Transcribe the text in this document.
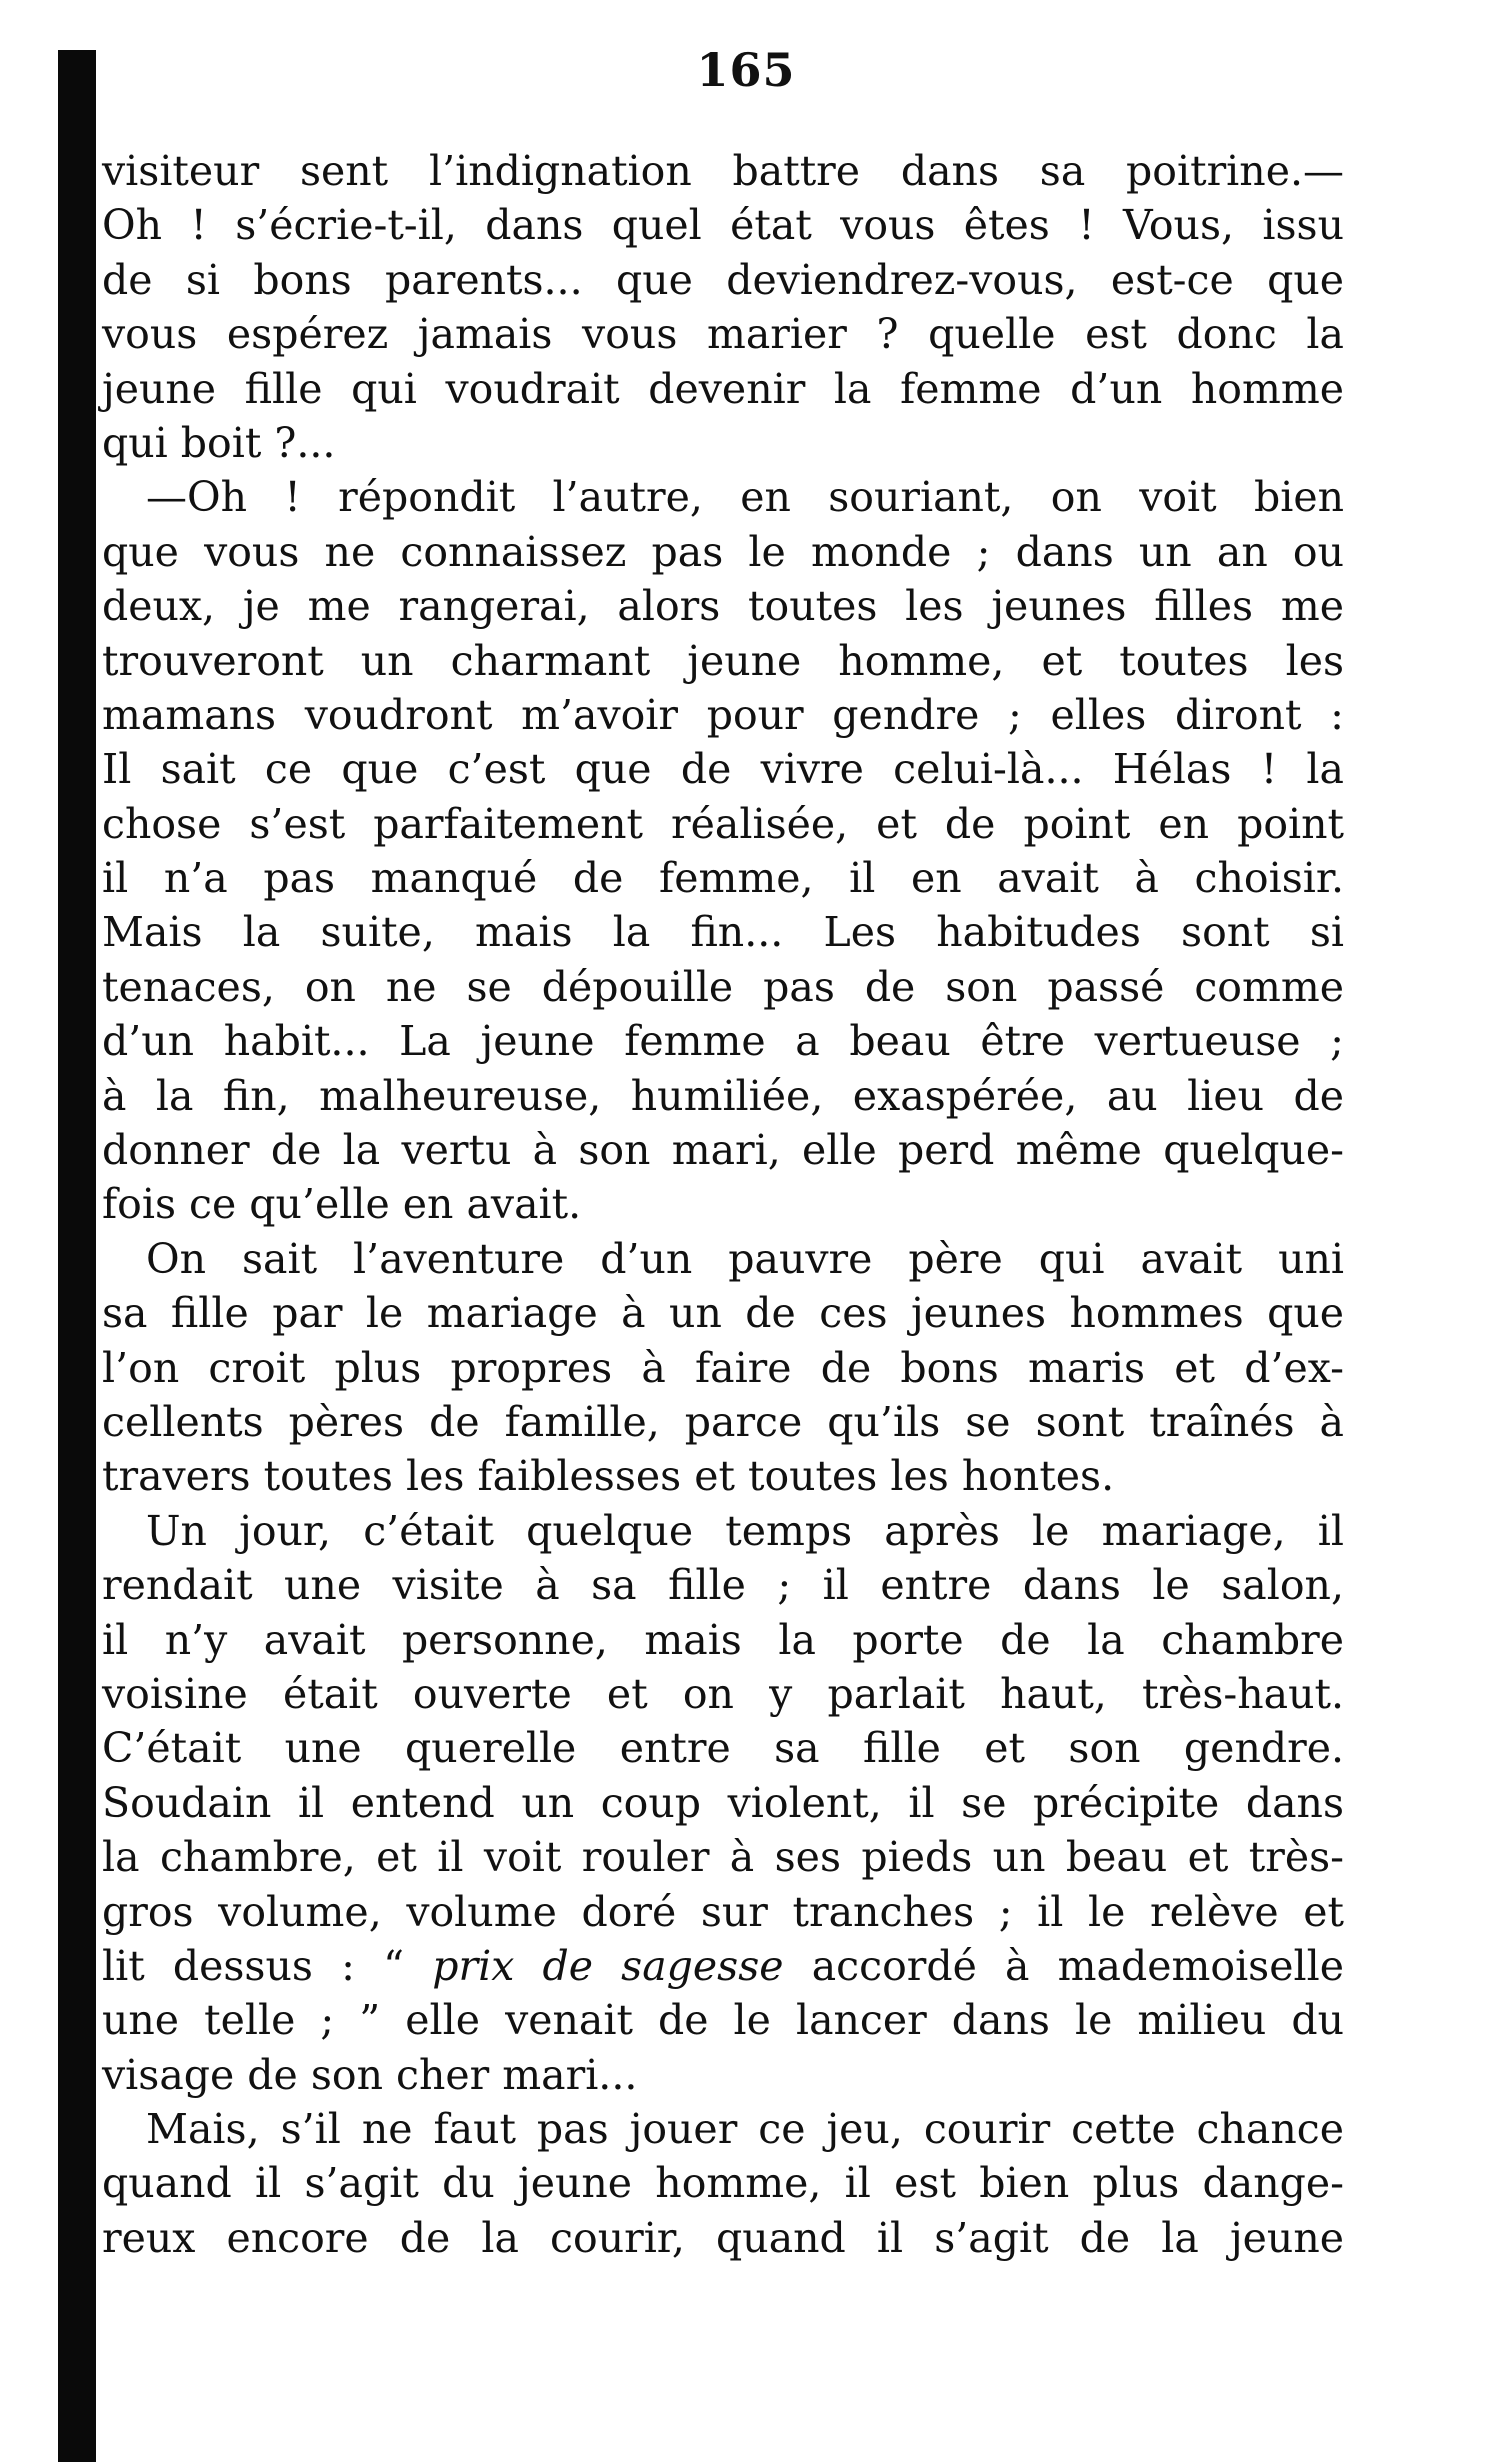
165
visiteur sent l’indignation battre dans sa poitrine.—
Oh ! s’écrie-t-il, dans quel état vous êtes ! Vous, issu
de si bons parents... que deviendrez-vous, est-ce que
vous espérez jamais vous marier ? quelle est donc la
jeune fille qui voudrait devenir la femme d’un homme
qui boit ?...
—Oh ! répondit l’autre, en souriant, on voit bien
que vous ne connaissez pas le monde ; dans un an ou
deux, je me rangerai, alors toutes les jeunes filles me
trouveront un charmant jeune homme, et toutes les
mamans voudront m’avoir pour gendre ; elles diront :
Il sait ce que c’est que de vivre celui-là... Hélas ! la
chose s’est parfaitement réalisée, et de point en point
il n’a pas manqué de femme, il en avait à choisir.
Mais la suite, mais la fin... Les habitudes sont si
tenaces, on ne se dépouille pas de son passé comme
d’un habit... La jeune femme a beau être vertueuse ;
à la fin, malheureuse, humiliée, exaspérée, au lieu de
donner de la vertu à son mari, elle perd même quelque-
fois ce qu’elle en avait.
On sait l’aventure d’un pauvre père qui avait uni
sa fille par le mariage à un de ces jeunes hommes que
l’on croit plus propres à faire de bons maris et d’ex-
cellents pères de famille, parce qu’ils se sont traînés à
travers toutes les faiblesses et toutes les hontes.
Un jour, c’était quelque temps après le mariage, il
rendait une visite à sa fille ; il entre dans le salon,
il n’y avait personne, mais la porte de la chambre
voisine était ouverte et on y parlait haut, très-haut.
C’était une querelle entre sa fille et son gendre.
Soudain il entend un coup violent, il se précipite dans
la chambre, et il voit rouler à ses pieds un beau et très-
gros volume, volume doré sur tranches ; il le relève et
lit dessus : “ prix de sagesse accordé à mademoiselle
une telle ; ” elle venait de le lancer dans le milieu du
visage de son cher mari...
Mais, s’il ne faut pas jouer ce jeu, courir cette chance
quand il s’agit du jeune homme, il est bien plus dange-
reux encore de la courir, quand il s’agit de la jeune
